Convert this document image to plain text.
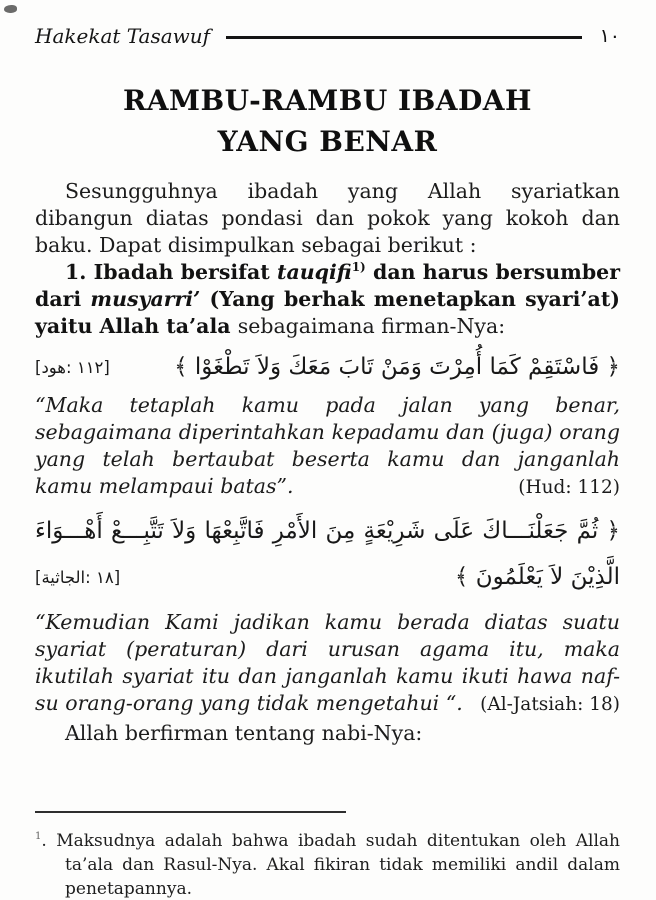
Hakekat Tasawuf	١٠
RAMBU-RAMBU IBADAH
YANG BENAR
Sesungguhnya ibadah yang Allah syariatkan
dibangun diatas pondasi dan pokok yang kokoh dan
baku. Dapat disimpulkan sebagai berikut :
1. Ibadah bersifat tauqifi$^{1)}$ dan harus bersumber
dari musyarri’ (Yang berhak menetapkan syari’at)
yaitu Allah ta’ala sebagaimana firman-Nya:
[ هود : ١١٢]	﴿ فَاسْتَقِمْ كَمَا أُمِرْتَ وَمَنْ تَابَ مَعَكَ وَلاَ تَطْغَوْا ﴾
“Maka tetaplah kamu pada jalan yang benar,
sebagaimana diperintahkan kepadamu dan (juga) orang
yang telah bertaubat beserta kamu dan janganlah
kamu melampaui batas”.	(Hud: 112)
﴿ ثُمَّ جَعَلْنَـــاكَ عَلَى شَرِيْعَةٍ مِنَ الأَمْرِ فَاتَّبِعْهَا وَلاَ تَتَّبِـــعْ أَهْـــوَاءَ
[ الجاثية : ١٨]	الَّذِيْنَ لاَ يَعْلَمُونَ ﴾
“Kemudian Kami jadikan kamu berada diatas suatu
syariat (peraturan) dari urusan agama itu, maka
ikutilah syariat itu dan janganlah kamu ikuti hawa naf-
su orang-orang yang tidak mengetahui “. (Al-Jatsiah: 18)
Allah berfirman tentang nabi-Nya:
$^1$. Maksudnya adalah bahwa ibadah sudah ditentukan oleh Allah
ta’ala dan Rasul-Nya. Akal fikiran tidak memiliki andil dalam
penetapannya.
